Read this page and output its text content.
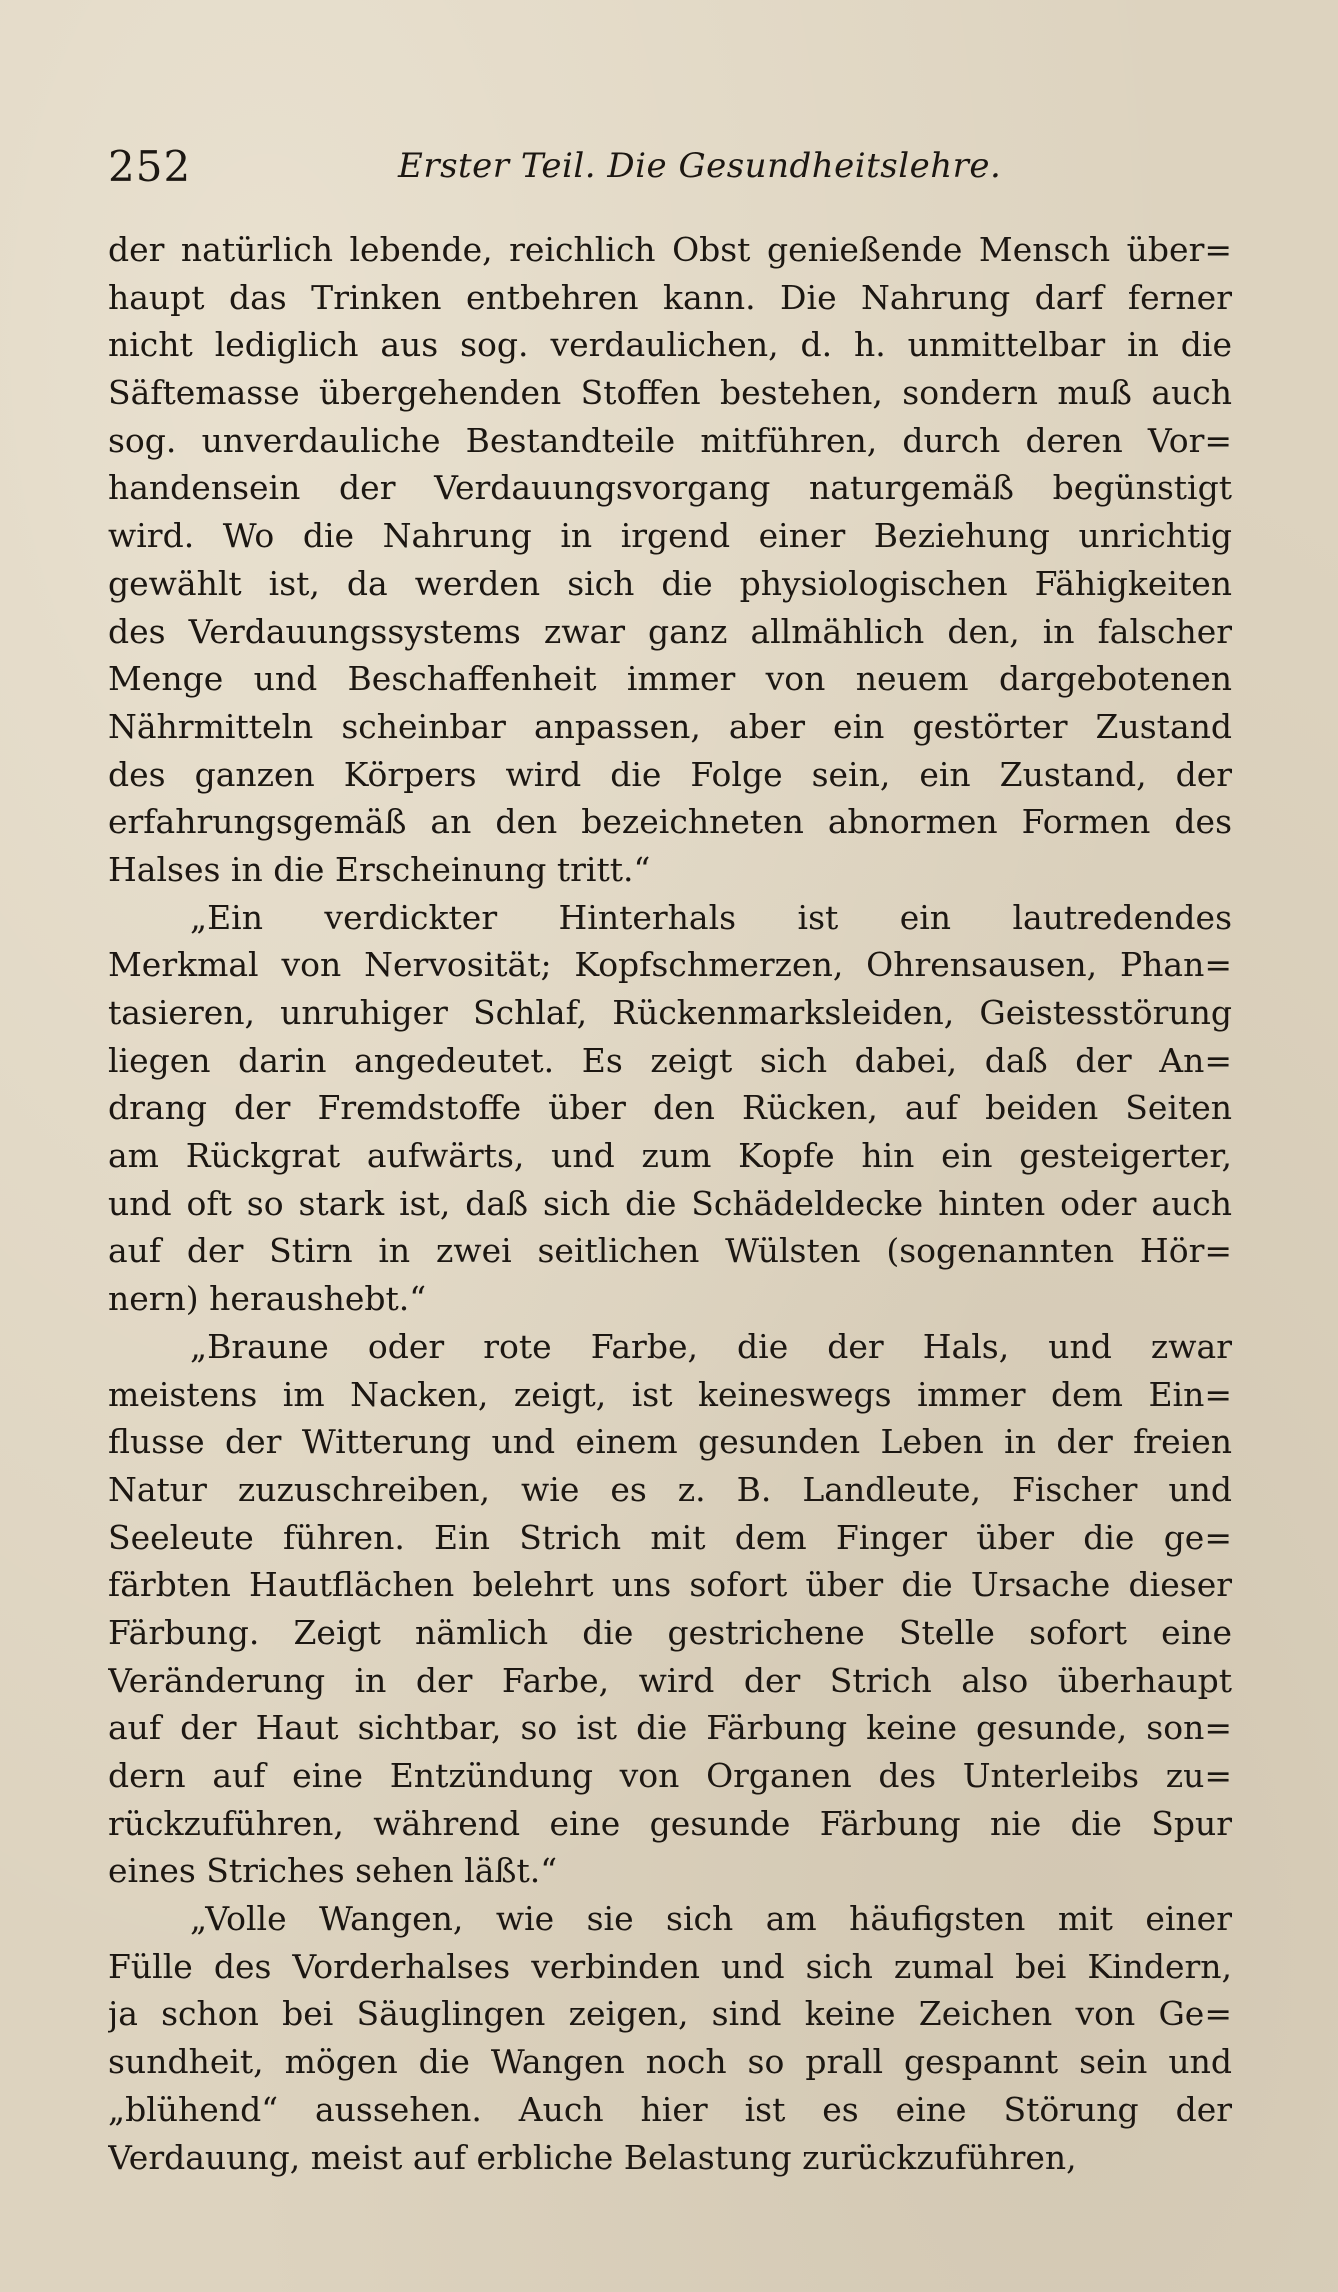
252	Erster Teil. Die Gesundheitslehre.
der natürlich lebende, reichlich Obst genießende Mensch über=
haupt das Trinken entbehren kann. Die Nahrung darf ferner
nicht lediglich aus sog. verdaulichen, d. h. unmittelbar in die
Säftemasse übergehenden Stoffen bestehen, sondern muß auch
sog. unverdauliche Bestandteile mitführen, durch deren Vor=
handensein der Verdauungsvorgang naturgemäß begünstigt
wird. Wo die Nahrung in irgend einer Beziehung unrichtig
gewählt ist, da werden sich die physiologischen Fähigkeiten
des Verdauungssystems zwar ganz allmählich den, in falscher
Menge und Beschaffenheit immer von neuem dargebotenen
Nährmitteln scheinbar anpassen, aber ein gestörter Zustand
des ganzen Körpers wird die Folge sein, ein Zustand, der
erfahrungsgemäß an den bezeichneten abnormen Formen des
Halses in die Erscheinung tritt.“
„Ein verdickter Hinterhals ist ein lautredendes
Merkmal von Nervosität; Kopfschmerzen, Ohrensausen, Phan=
tasieren, unruhiger Schlaf, Rückenmarksleiden, Geistesstörung
liegen darin angedeutet. Es zeigt sich dabei, daß der An=
drang der Fremdstoffe über den Rücken, auf beiden Seiten
am Rückgrat aufwärts, und zum Kopfe hin ein gesteigerter,
und oft so stark ist, daß sich die Schädeldecke hinten oder auch
auf der Stirn in zwei seitlichen Wülsten (sogenannten Hör=
nern) heraushebt.“
„Braune oder rote Farbe, die der Hals, und zwar
meistens im Nacken, zeigt, ist keineswegs immer dem Ein=
flusse der Witterung und einem gesunden Leben in der freien
Natur zuzuschreiben, wie es z. B. Landleute, Fischer und
Seeleute führen. Ein Strich mit dem Finger über die ge=
färbten Hautflächen belehrt uns sofort über die Ursache dieser
Färbung. Zeigt nämlich die gestrichene Stelle sofort eine
Veränderung in der Farbe, wird der Strich also überhaupt
auf der Haut sichtbar, so ist die Färbung keine gesunde, son=
dern auf eine Entzündung von Organen des Unterleibs zu=
rückzuführen, während eine gesunde Färbung nie die Spur
eines Striches sehen läßt.“
„Volle Wangen, wie sie sich am häufigsten mit einer
Fülle des Vorderhalses verbinden und sich zumal bei Kindern,
ja schon bei Säuglingen zeigen, sind keine Zeichen von Ge=
sundheit, mögen die Wangen noch so prall gespannt sein und
„blühend“ aussehen. Auch hier ist es eine Störung der
Verdauung, meist auf erbliche Belastung zurückzuführen,
